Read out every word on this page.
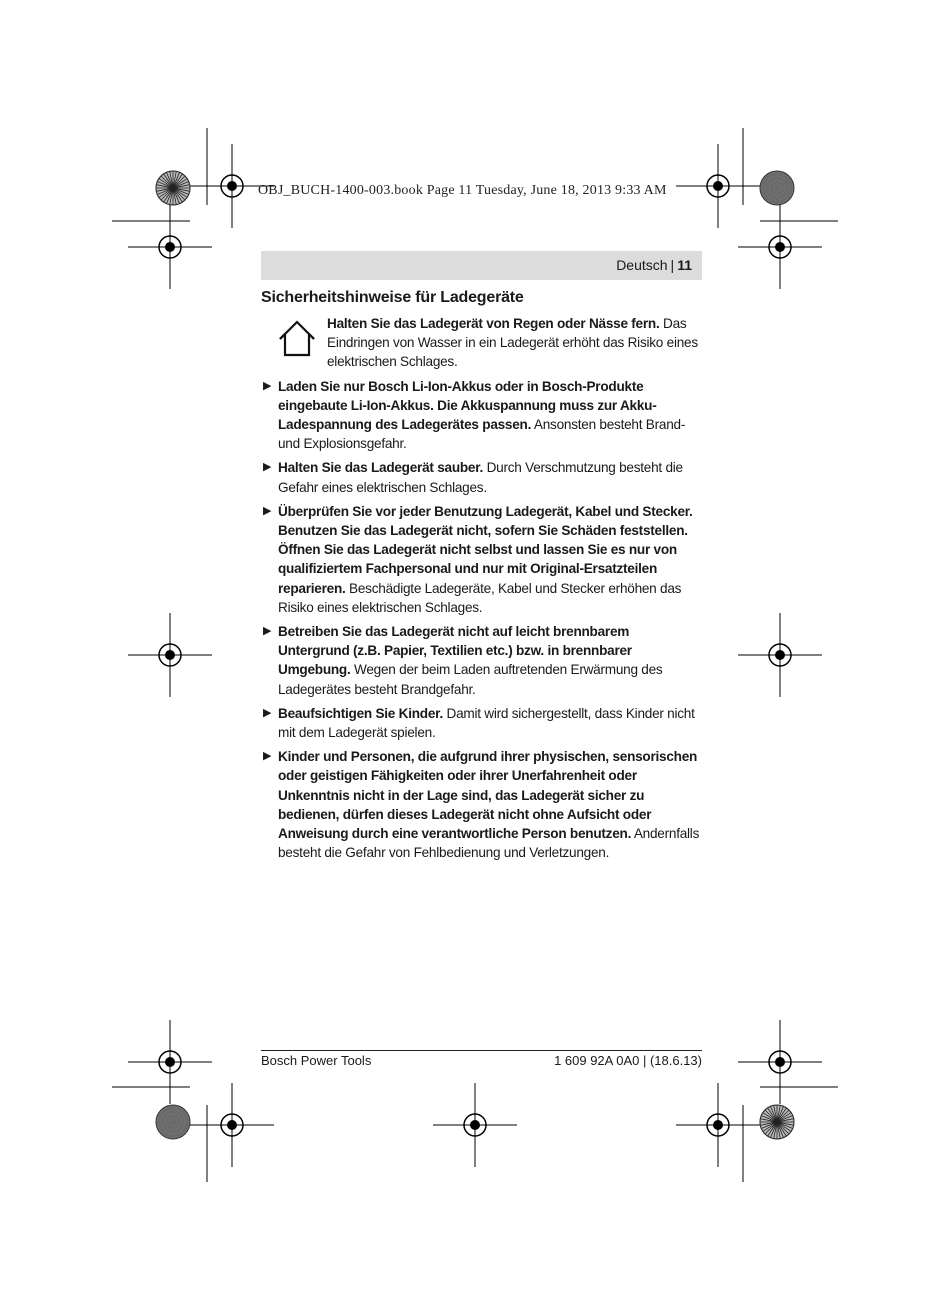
OBJ_BUCH-1400-003.book Page 11 Tuesday, June 18, 2013 9:33 AM
Deutsch | 11
Sicherheitshinweise für Ladegeräte
Halten Sie das Ladegerät von Regen oder Nässe fern. Das Eindringen von Wasser in ein Ladegerät erhöht das Risiko eines elektrischen Schlages.
▶ Laden Sie nur Bosch Li-Ion-Akkus oder in Bosch-Produkte eingebaute Li-Ion-Akkus. Die Akkuspannung muss zur Akku-Ladespannung des Ladegerätes passen. Ansonsten besteht Brand- und Explosionsgefahr.
▶ Halten Sie das Ladegerät sauber. Durch Verschmutzung besteht die Gefahr eines elektrischen Schlages.
▶ Überprüfen Sie vor jeder Benutzung Ladegerät, Kabel und Stecker. Benutzen Sie das Ladegerät nicht, sofern Sie Schäden feststellen. Öffnen Sie das Ladegerät nicht selbst und lassen Sie es nur von qualifiziertem Fachpersonal und nur mit Original-Ersatzteilen reparieren. Beschädigte Ladegeräte, Kabel und Stecker erhöhen das Risiko eines elektrischen Schlages.
▶ Betreiben Sie das Ladegerät nicht auf leicht brennbarem Untergrund (z.B. Papier, Textilien etc.) bzw. in brennbarer Umgebung. Wegen der beim Laden auftretenden Erwärmung des Ladegerätes besteht Brandgefahr.
▶ Beaufsichtigen Sie Kinder. Damit wird sichergestellt, dass Kinder nicht mit dem Ladegerät spielen.
▶ Kinder und Personen, die aufgrund ihrer physischen, sensorischen oder geistigen Fähigkeiten oder ihrer Unerfahrenheit oder Unkenntnis nicht in der Lage sind, das Ladegerät sicher zu bedienen, dürfen dieses Ladegerät nicht ohne Aufsicht oder Anweisung durch eine verantwortliche Person benutzen. Andernfalls besteht die Gefahr von Fehlbedienung und Verletzungen.
Bosch Power Tools	1 609 92A 0A0 | (18.6.13)
